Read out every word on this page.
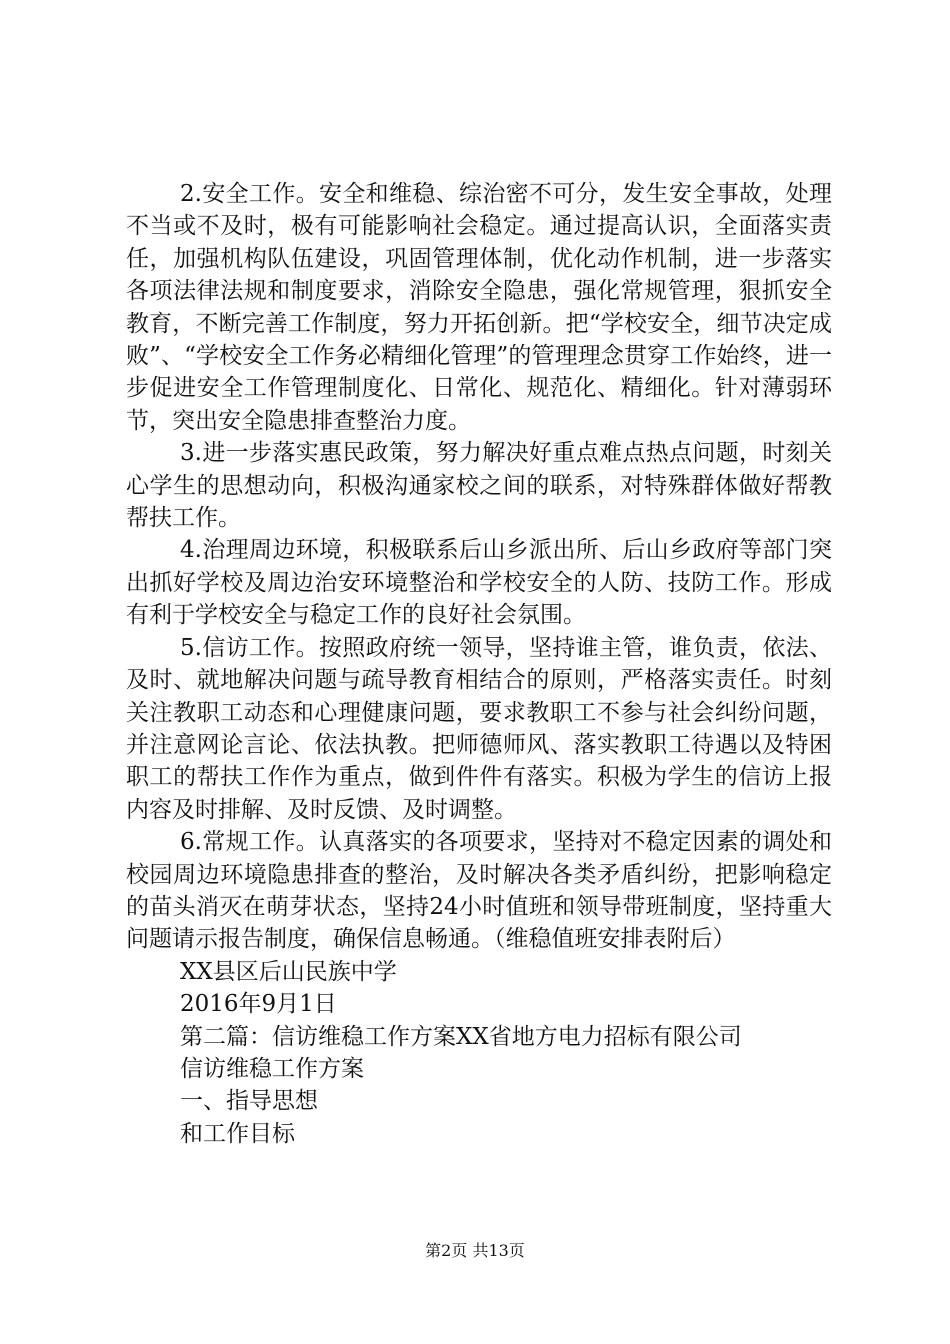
2.安全工作。安全和维稳、综治密不可分，发生安全事故，处理不当或不及时，极有可能影响社会稳定。通过提高认识，全面落实责任，加强机构队伍建设，巩固管理体制，优化动作机制，进一步落实各项法律法规和制度要求，消除安全隐患，强化常规管理，狠抓安全教育，不断完善工作制度，努力开拓创新。把“学校安全，细节决定成败”、“学校安全工作务必精细化管理”的管理理念贯穿工作始终，进一步促进安全工作管理制度化、日常化、规范化、精细化。针对薄弱环节，突出安全隐患排查整治力度。

3.进一步落实惠民政策，努力解决好重点难点热点问题，时刻关心学生的思想动向，积极沟通家校之间的联系，对特殊群体做好帮教帮扶工作。

4.治理周边环境，积极联系后山乡派出所、后山乡政府等部门突出抓好学校及周边治安环境整治和学校安全的人防、技防工作。形成有利于学校安全与稳定工作的良好社会氛围。

5.信访工作。按照政府统一领导，坚持谁主管，谁负责，依法、及时、就地解决问题与疏导教育相结合的原则，严格落实责任。时刻关注教职工动态和心理健康问题，要求教职工不参与社会纠纷问题，并注意网论言论、依法执教。把师德师风、落实教职工待遇以及特困职工的帮扶工作作为重点，做到件件有落实。积极为学生的信访上报内容及时排解、及时反馈、及时调整。

6.常规工作。认真落实的各项要求，坚持对不稳定因素的调处和校园周边环境隐患排查的整治，及时解决各类矛盾纠纷，把影响稳定的苗头消灭在萌芽状态，坚持24小时值班和领导带班制度，坚持重大问题请示报告制度，确保信息畅通。（维稳值班安排表附后）

XX县区后山民族中学

2016年9月1日

第二篇：信访维稳工作方案XX省地方电力招标有限公司

信访维稳工作方案

一、指导思想

和工作目标

第2页 共13页
